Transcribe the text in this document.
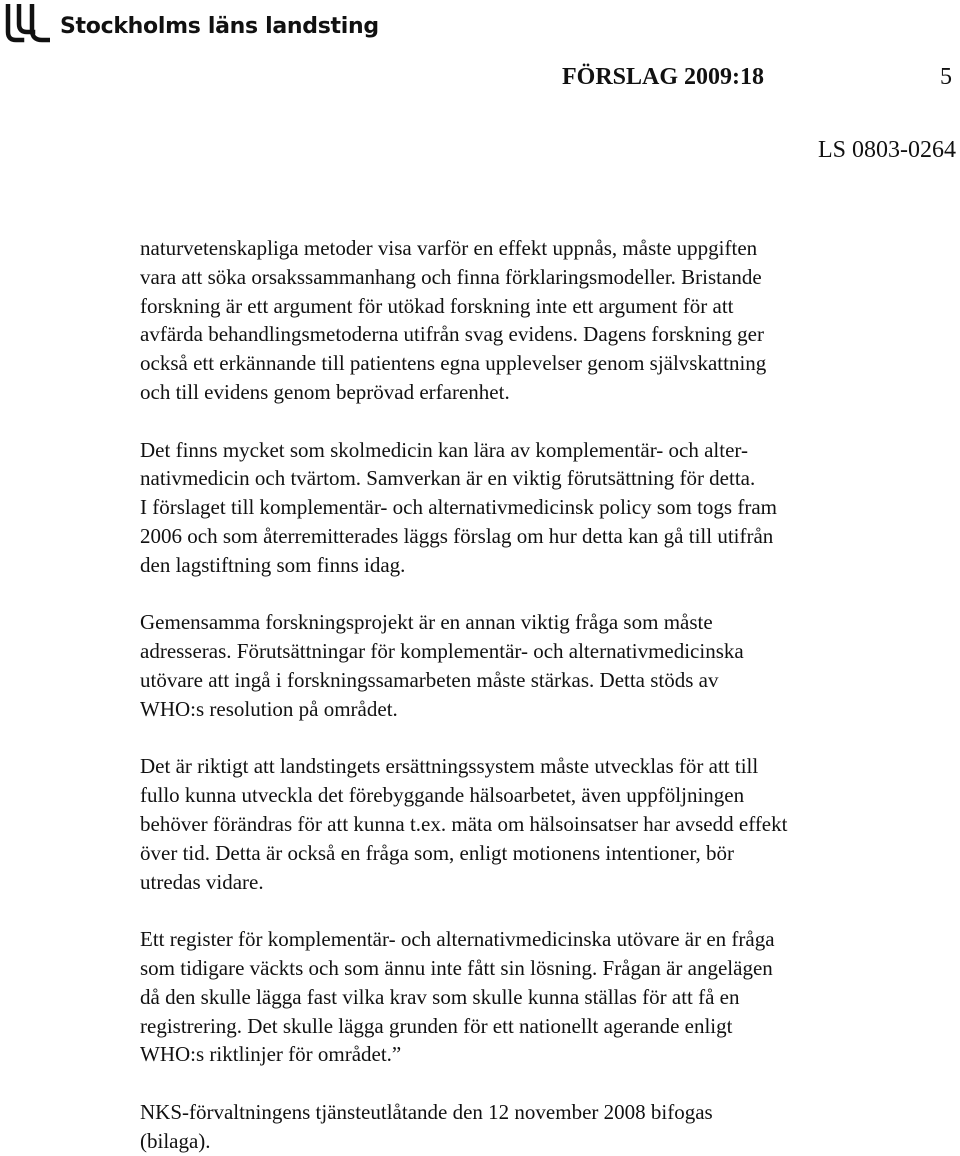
Stockholms läns landsting
FÖRSLAG 2009:18	5
LS 0803-0264

naturvetenskapliga metoder visa varför en effekt uppnås, måste uppgiften
vara att söka orsakssammanhang och finna förklaringsmodeller. Bristande
forskning är ett argument för utökad forskning inte ett argument för att
avfärda behandlingsmetoderna utifrån svag evidens. Dagens forskning ger
också ett erkännande till patientens egna upplevelser genom självskattning
och till evidens genom beprövad erfarenhet.

Det finns mycket som skolmedicin kan lära av komplementär- och alter-
nativmedicin och tvärtom. Samverkan är en viktig förutsättning för detta.
I förslaget till komplementär- och alternativmedicinsk policy som togs fram
2006 och som återremitterades läggs förslag om hur detta kan gå till utifrån
den lagstiftning som finns idag.

Gemensamma forskningsprojekt är en annan viktig fråga som måste
adresseras. Förutsättningar för komplementär- och alternativmedicinska
utövare att ingå i forskningssamarbeten måste stärkas. Detta stöds av
WHO:s resolution på området.

Det är riktigt att landstingets ersättningssystem måste utvecklas för att till
fullo kunna utveckla det förebyggande hälsoarbetet, även uppföljningen
behöver förändras för att kunna t.ex. mäta om hälsoinsatser har avsedd effekt
över tid. Detta är också en fråga som, enligt motionens intentioner, bör
utredas vidare.

Ett register för komplementär- och alternativmedicinska utövare är en fråga
som tidigare väckts och som ännu inte fått sin lösning. Frågan är angelägen
då den skulle lägga fast vilka krav som skulle kunna ställas för att få en
registrering. Det skulle lägga grunden för ett nationellt agerande enligt
WHO:s riktlinjer för området.”

NKS-förvaltningens tjänsteutlåtande den 12 november 2008 bifogas
(bilaga).
